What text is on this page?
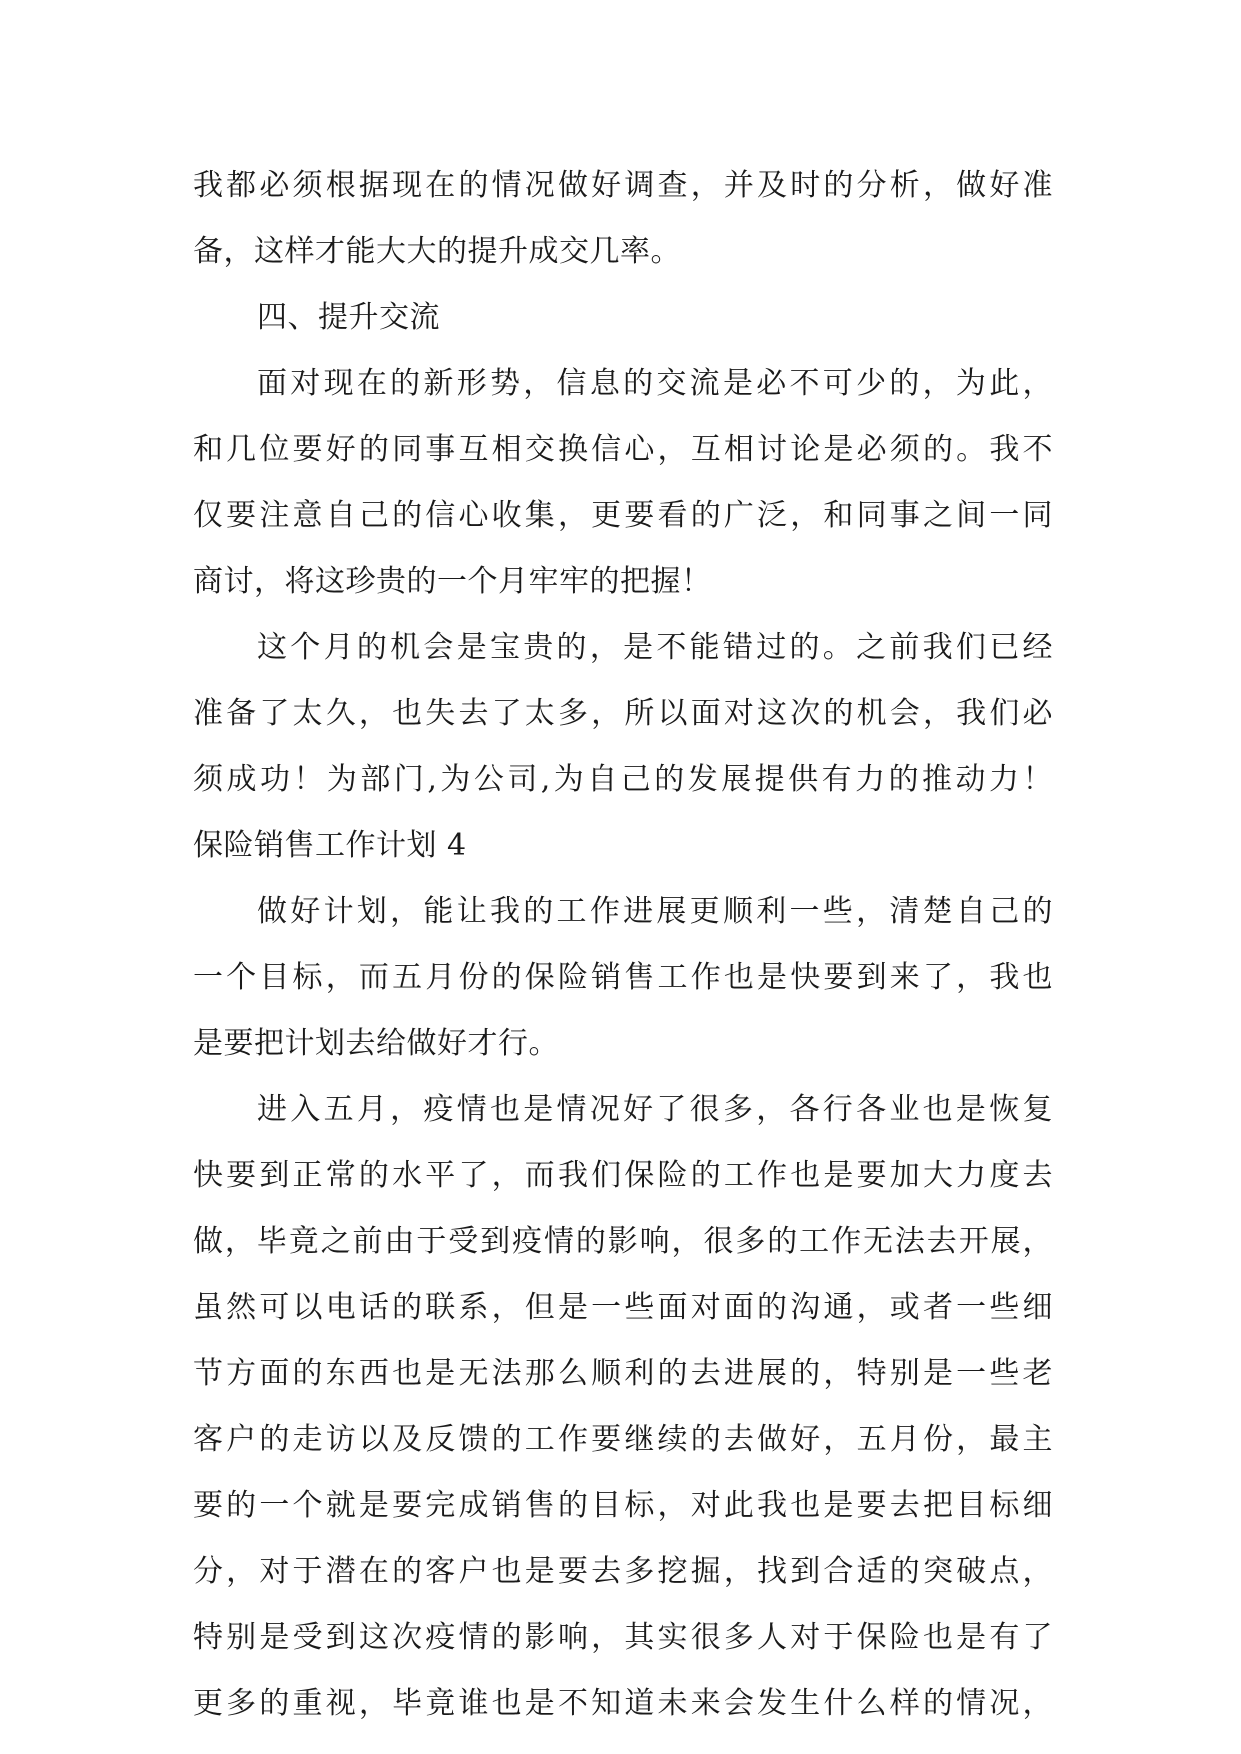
我都必须根据现在的情况做好调查，并及时的分析，做好准
备，这样才能大大的提升成交几率。
四、提升交流
面对现在的新形势，信息的交流是必不可少的，为此，
和几位要好的同事互相交换信心，互相讨论是必须的。我不
仅要注意自己的信心收集，更要看的广泛，和同事之间一同
商讨，将这珍贵的一个月牢牢的把握！
这个月的机会是宝贵的，是不能错过的。之前我们已经
准备了太久，也失去了太多，所以面对这次的机会，我们必
须成功！为部门,为公司,为自己的发展提供有力的推动力！
保险销售工作计划 4
做好计划，能让我的工作进展更顺利一些，清楚自己的
一个目标，而五月份的保险销售工作也是快要到来了，我也
是要把计划去给做好才行。
进入五月，疫情也是情况好了很多，各行各业也是恢复
快要到正常的水平了，而我们保险的工作也是要加大力度去
做，毕竟之前由于受到疫情的影响，很多的工作无法去开展，
虽然可以电话的联系，但是一些面对面的沟通，或者一些细
节方面的东西也是无法那么顺利的去进展的，特别是一些老
客户的走访以及反馈的工作要继续的去做好，五月份，最主
要的一个就是要完成销售的目标，对此我也是要去把目标细
分，对于潜在的客户也是要去多挖掘，找到合适的突破点，
特别是受到这次疫情的影响，其实很多人对于保险也是有了
更多的重视，毕竟谁也是不知道未来会发生什么样的情况，
